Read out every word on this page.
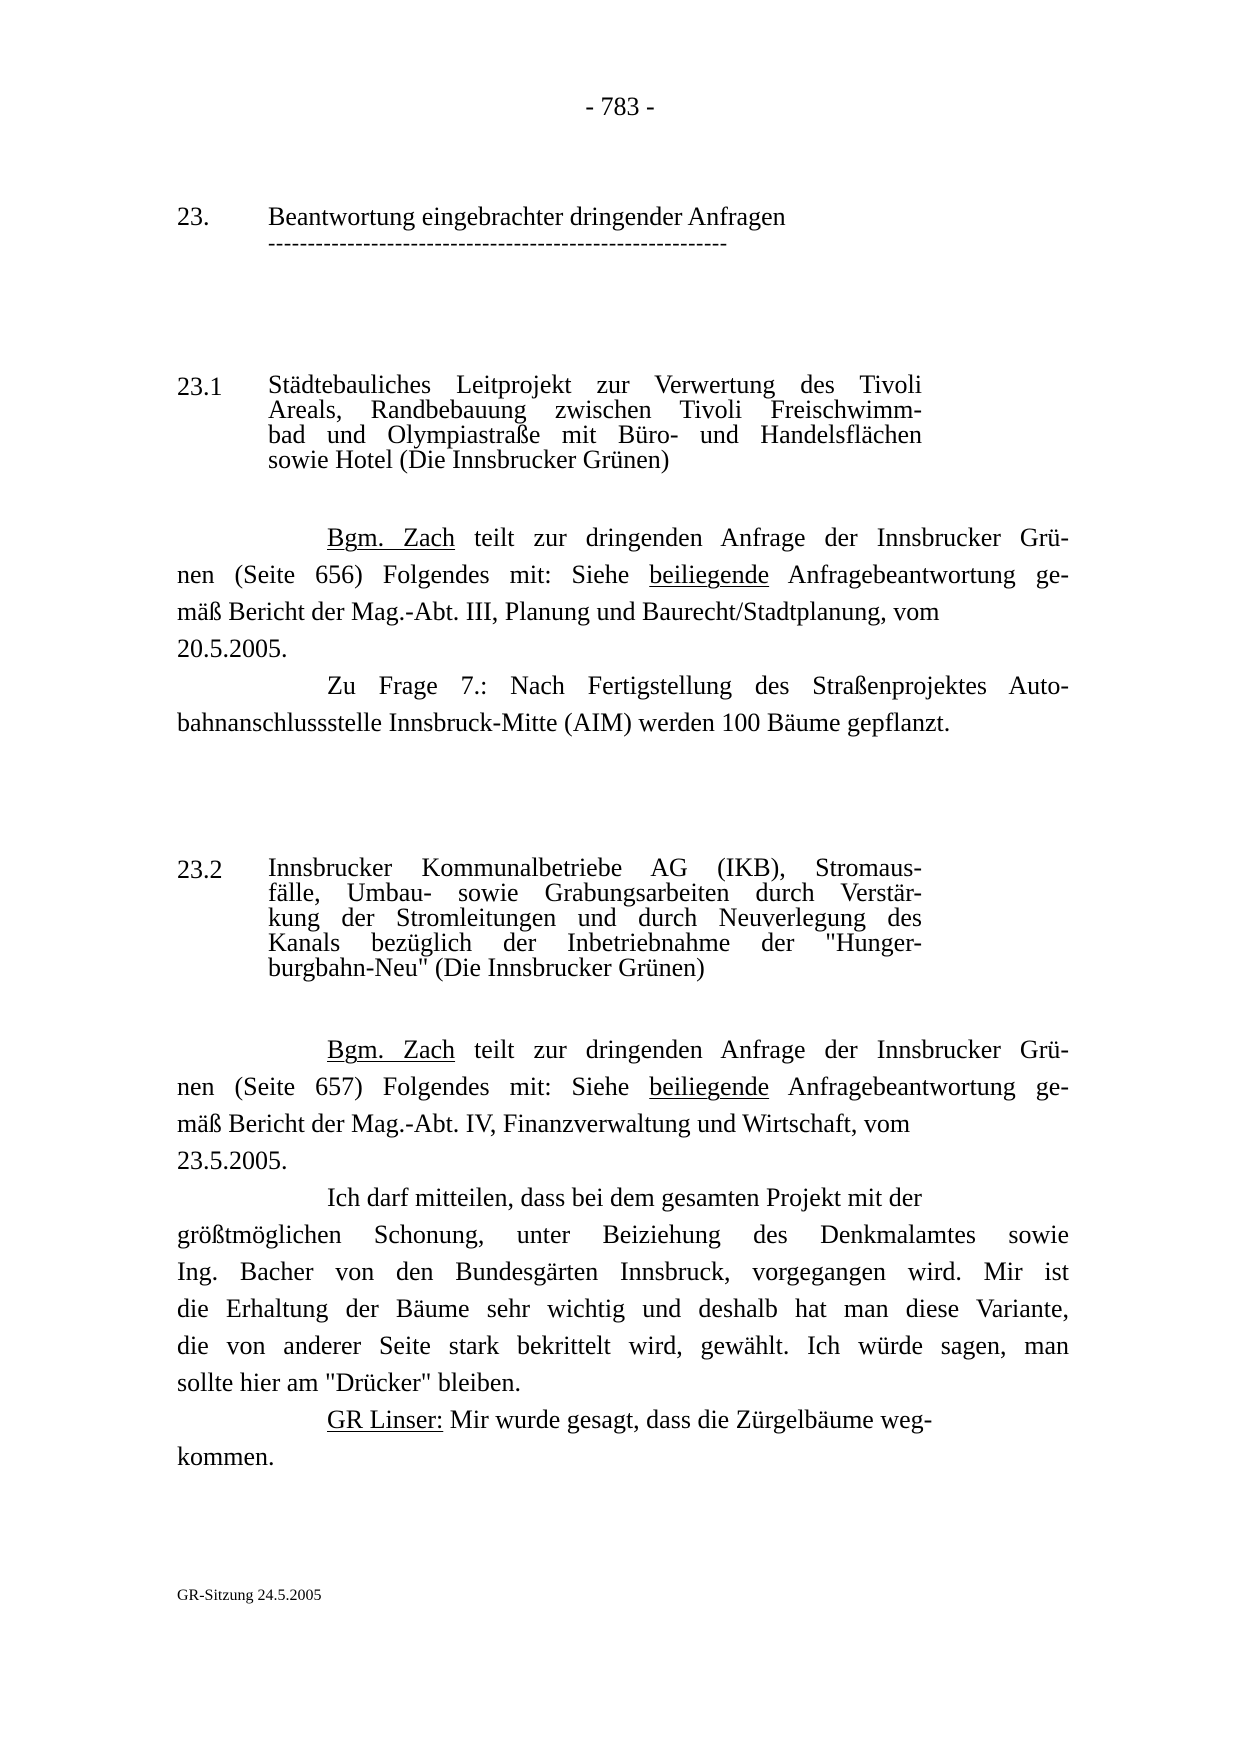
- 783 -
23. Beantwortung eingebrachter dringender Anfragen
----------------------------------------------------------
23.1 Städtebauliches Leitprojekt zur Verwertung des Tivoli
Areals, Randbebauung zwischen Tivoli Freischwimm-
bad und Olympiastraße mit Büro- und Handelsflächen
sowie Hotel (Die Innsbrucker Grünen)
Bgm. Zach teilt zur dringenden Anfrage der Innsbrucker Grü-
nen (Seite 656) Folgendes mit: Siehe beiliegende Anfragebeantwortung ge-
mäß Bericht der Mag.-Abt. III, Planung und Baurecht/Stadtplanung, vom
20.5.2005.
Zu Frage 7.: Nach Fertigstellung des Straßenprojektes Auto-
bahnanschlussstelle Innsbruck-Mitte (AIM) werden 100 Bäume gepflanzt.
23.2 Innsbrucker Kommunalbetriebe AG (IKB), Stromaus-
fälle, Umbau- sowie Grabungsarbeiten durch Verstär-
kung der Stromleitungen und durch Neuverlegung des
Kanals bezüglich der Inbetriebnahme der "Hunger-
burgbahn-Neu" (Die Innsbrucker Grünen)
Bgm. Zach teilt zur dringenden Anfrage der Innsbrucker Grü-
nen (Seite 657) Folgendes mit: Siehe beiliegende Anfragebeantwortung ge-
mäß Bericht der Mag.-Abt. IV, Finanzverwaltung und Wirtschaft, vom
23.5.2005.
Ich darf mitteilen, dass bei dem gesamten Projekt mit der
größtmöglichen Schonung, unter Beiziehung des Denkmalamtes sowie
Ing. Bacher von den Bundesgärten Innsbruck, vorgegangen wird. Mir ist
die Erhaltung der Bäume sehr wichtig und deshalb hat man diese Variante,
die von anderer Seite stark bekrittelt wird, gewählt. Ich würde sagen, man
sollte hier am "Drücker" bleiben.
GR Linser: Mir wurde gesagt, dass die Zürgelbäume weg-
kommen.
GR-Sitzung 24.5.2005
